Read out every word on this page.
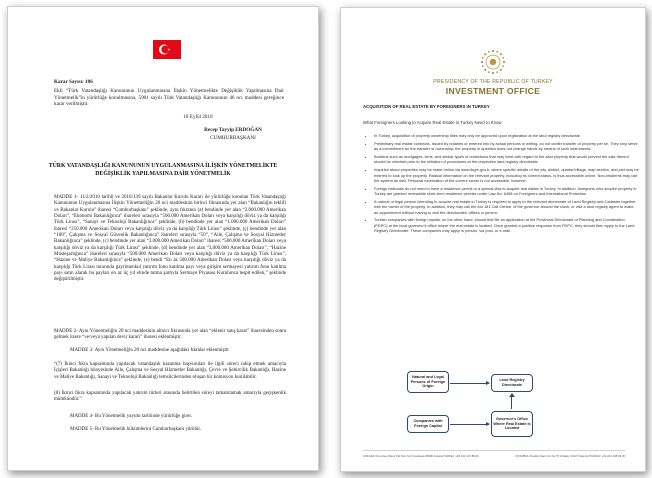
Karar Sayısı: 106
Ekli “Türk Vatandaşlığı Kanununun Uygulanmasına İlişkin Yönetmelikte Değişiklik Yapılmasına Dair Yönetmelik”in yürürlüğe konulmasına, 5901 sayılı Türk Vatandaşlığı Kanununun 46 ncı maddesi gereğince karar verilmiştir.
18 Eylül 2018
Recep Tayyip ERDOĞAN
CUMHURBAŞKANI
TÜRK VATANDAŞLIĞI KANUNUNUN UYGULANMASINA İLİŞKİN YÖNETMELİKTE DEĞİŞİKLİK YAPILMASINA DAİR YÖNETMELİK
MADDE 1- 11/2/2010 tarihli ve 2010/139 sayılı Bakanlar Kurulu Kararı ile yürürlüğe konulan Türk Vatandaşlığı Kanununun Uygulanmasına İlişkin Yönetmeliğin 20 nci maddesinin birinci fıkrasında yer alan “Bakanlığın teklifi ve Bakanlar Kurulu” ibaresi “Cumhurbaşkanı” şeklinde, aynı fıkranın (a) bendinde yer alan “2.000.000 Amerikan Doları”, “Ekonomi Bakanlığınca” ibareleri sırasıyla “500.000 Amerikan Doları veya karşılığı döviz ya da karşılığı Türk Lirası”, “Sanayi ve Teknoloji Bakanlığınca” şeklinde, (b) bendinde yer alan “1.000.000 Amerikan Doları” ibaresi “250.000 Amerikan Doları veya karşılığı döviz ya da karşılığı Türk Lirası” şeklinde, (ç) bendinde yer alan “100”, Çalışma ve Sosyal Güvenlik Bakanlığınca” ibareleri sırasıyla “50”, “Aile, Çalışma ve Sosyal Hizmetler Bakanlığınca” şeklinde, (c) bendinde yer alan “3.000.000 Amerikan Doları” ibaresi “500.000 Amerikan Doları veya karşılığı döviz ya da karşılığı Türk Lirası” şeklinde, (d) bendinde yer alan “3.000.000 Amerikan Doları”, “Hazine Müsteşarlığınca” ibareleri sırasıyla “500.000 Amerikan Doları veya karşılığı döviz ya da karşılığı Türk Lirası”, “Hazine ve Maliye Bakanlığınca” şeklinde, (e) bendi “En az 500.000 Amerikan Doları veya karşılığı döviz ya da karşılığı Türk Lirası tutarında gayrimenkul yatırım fonu katılma payı veya girişim sermayesi yatırım fonu katılma payı satın alarak bu payları en az üç yıl elinde tutma şartıyla Sermaye Piyasası Kurulunca tespit edilen,” şeklinde değiştirilmiştir.
MADDE 2- Aynı Yönetmeliğin 20 nci maddesinin altıncı fıkrasında yer alan “eklenir satış karar” ibaresinden sonra gelmek üzere “ve/veya yapılan devir kararı” ibaresi eklenmiştir.
MADDE 3- Aynı Yönetmeliğin 20 nci maddesine aşağıdaki fıkralar eklenmiştir.
“(7) İkinci fıkra kapsamında yapılacak vatandaşlık kazanma başvuruları ile ilgili süreci takip etmek amacıyla İçişleri Bakanlığı bünyesinde Aile, Çalışma ve Sosyal Hizmetler Bakanlığı, Çevre ve Şehircilik Bakanlığı, Hazine ve Maliye Bakanlığı, Sanayi ve Teknoloji Bakanlığı temsilcilerinden oluşan bir komisyon kurulabilir.
(8) İkinci fıkra kapsamında yapılacak yatırım türleri arasında belirtilen süreyi tamamlamak amacıyla geçişkenlik mümkündür.”
MADDE 4- Bu Yönetmelik yayımı tarihinde yürürlüğe girer.
MADDE 5- Bu Yönetmelik hükümlerini Cumhurbaşkanı yürütür.
PRESIDENCY OF THE REPUBLIC OF TURKEY
INVESTMENT OFFICE
ACQUISITION OF REAL ESTATE BY FOREIGNERS IN TURKEY
What Foreigners Looking to Acquire Real Estate in Turkey Need to Know
• In Turkey, acquisition of property ownership titles may only be approved upon registration at the land registry directorate.
• Preliminary real estate contracts, issued by notaries or entered into by actual persons in writing, do not confer transfer of property per se. They only serve as a commitment for the transfer of ownership; the property in question does not change hands by means of such instruments.
• Burdens such as mortgages, liens, and similar types of restrictions that may exist with regard to the said property that would prevent the sale thereof should be checked prior to the initiation of procedures at the respective land registry directorate.
• Inquiries about properties may be made online via www.tkgm.gov.tr, where specific details of the city, district, quarter/village, map section, and plot may be entered to look up the property. Radical information on the relevant property, including its current status, is thus accessible online. Non-residents may use the system as well. Personal information of the current owner is not accessible, however.
• Foreign nationals do not need to have a residence permit or a special visa to acquire real estate in Turkey. In addition, foreigners who acquire property in Turkey are granted renewable short-term residence permits under Law No. 6458 on Foreigners and International Protection.
• A natural or legal person intending to acquire real estate in Turkey is required to apply to the relevant directorate of Land Registry and Cadastre together with the owner of the property. In addition, they may call the Alo 181 Call Centre, of the governor around the clock, or visit a land registry agent to make an appointment without having to visit the directorates' offices in person.
• Turkish companies with foreign capital, on the other hand, should first file an application at the Provincial Directorate of Planning and Coordination (PDPC) at the local governor's office where the real estate is located. Once granted a positive response from PDPC, they should then apply to the Land Registry Directorate. These companies may apply in person, via post, or e-mail.
Natural and Legal Persons of Foreign Origin
Land Registry Directorate
Companies with Foreign Capital
Governor's Office Where Real Estate is Located
ANKARA Tomorrow Plaza Tali Tazı No:8 Çankaya 06680 Ankara/TURKEY +90 312 413 89 00	İSTANBUL Muallim Naci Cd. No:75 Ortaköy 34347 İstanbul/TURKEY +90 212 468 69 00
